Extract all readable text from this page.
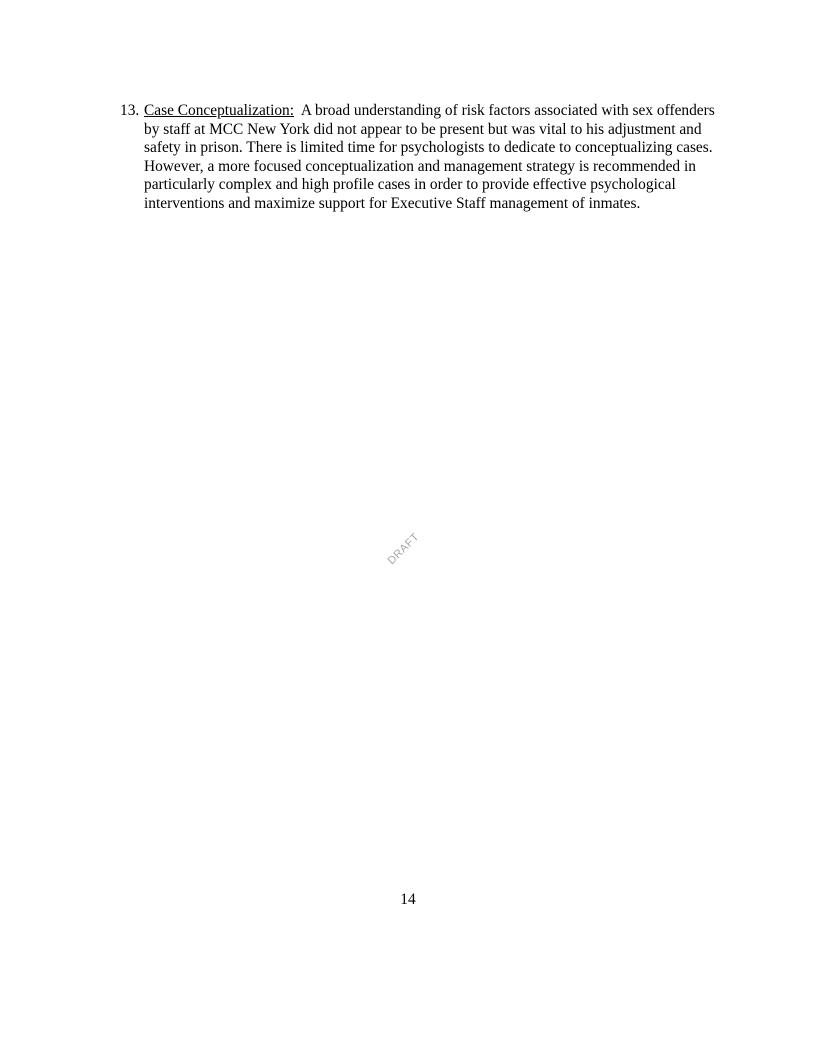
13. Case Conceptualization: A broad understanding of risk factors associated with sex offenders by staff at MCC New York did not appear to be present but was vital to his adjustment and safety in prison. There is limited time for psychologists to dedicate to conceptualizing cases. However, a more focused conceptualization and management strategy is recommended in particularly complex and high profile cases in order to provide effective psychological interventions and maximize support for Executive Staff management of inmates.
DRAFT
14
